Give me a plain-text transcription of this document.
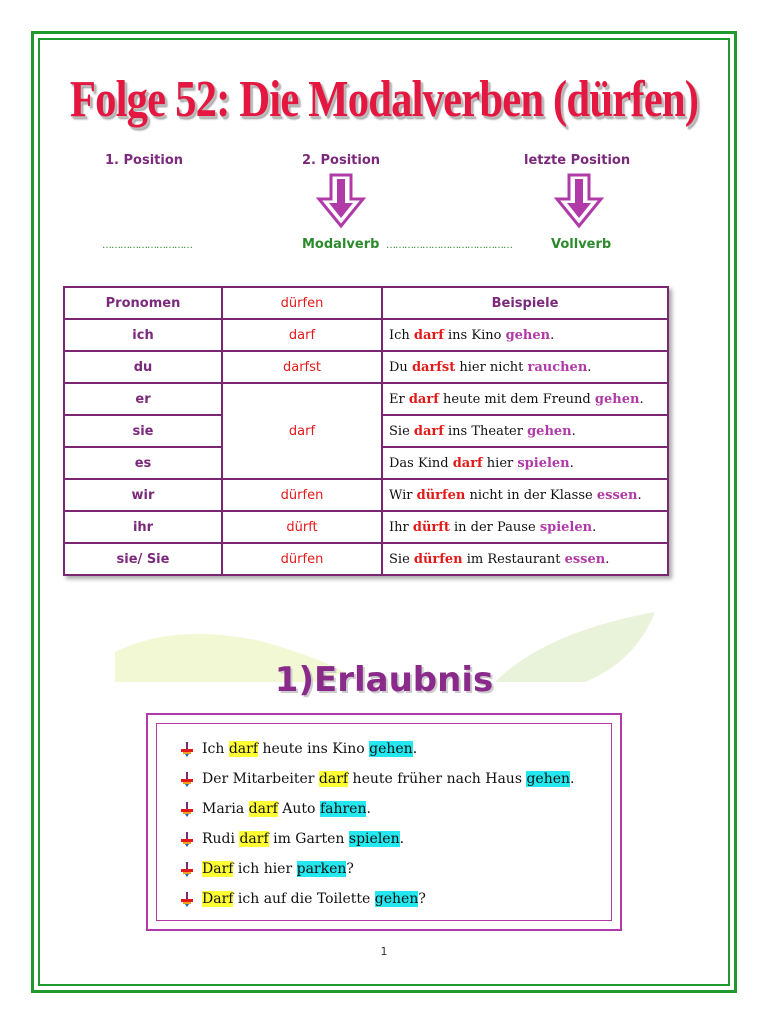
Folge 52: Die Modalverben (dürfen)
1. Position	2. Position	letzte Position
…………………………	Modalverb ……………………………………	Vollverb
Pronomen	dürfen	Beispiele
ich	darf	Ich darf ins Kino gehen.
du	darfst	Du darfst hier nicht rauchen.
er	darf	Er darf heute mit dem Freund gehen.
sie		Sie darf ins Theater gehen.
es		Das Kind darf hier spielen.
wir	dürfen	Wir dürfen nicht in der Klasse essen.
ihr	dürft	Ihr dürft in der Pause spielen.
sie/ Sie	dürfen	Sie dürfen im Restaurant essen.
1)Erlaubnis
Ich darf heute ins Kino gehen.
Der Mitarbeiter darf heute früher nach Haus gehen.
Maria darf Auto fahren.
Rudi darf im Garten spielen.
Darf ich hier parken?
Darf ich auf die Toilette gehen?
1
